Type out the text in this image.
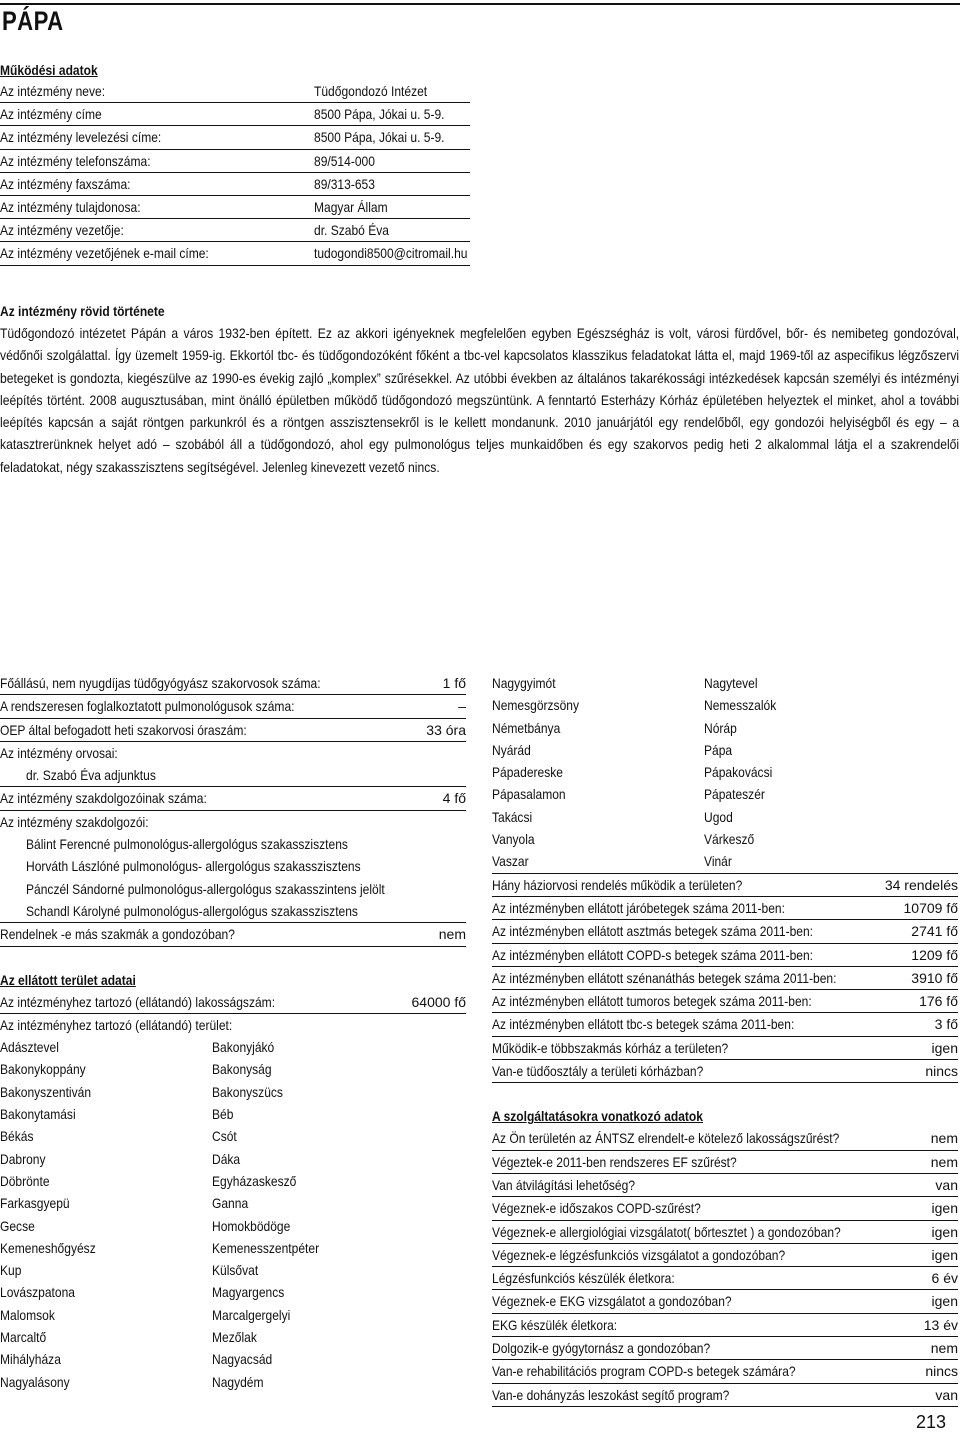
PÁPA
Működési adatok
Az intézmény neve:	Tüdőgondozó Intézet
Az intézmény címe	8500 Pápa, Jókai u. 5-9.
Az intézmény levelezési címe:	8500 Pápa, Jókai u. 5-9.
Az intézmény telefonszáma:	89/514-000
Az intézmény faxszáma:	89/313-653
Az intézmény tulajdonosa:	Magyar Állam
Az intézmény vezetője:	dr. Szabó Éva
Az intézmény vezetőjének e-mail címe:	tudogondi8500@citromail.hu
Az intézmény rövid története
Tüdőgondozó intézetet Pápán a város 1932-ben épített. Ez az akkori igényeknek megfelelően egyben Egészségház is volt, városi fürdővel, bőr- és nemibeteg gondozóval, védőnői szolgálattal. Így üzemelt 1959-ig. Ekkortól tbc- és tüdőgondozóként főként a tbc-vel kapcsolatos klasszikus feladatokat látta el, majd 1969-től az aspecifikus légzőszervi betegeket is gondozta, kiegészülve az 1990-es évekig zajló „komplex” szűrésekkel. Az utóbbi években az általános takarékossági intézkedések kapcsán személyi és intézményi leépítés történt. 2008 augusztusában, mint önálló épületben működő tüdőgondozó megszüntünk. A fenntartó Esterházy Kórház épületében helyeztek el minket, ahol a további leépítés kapcsán a saját röntgen parkunkról és a röntgen asszisztensekről is le kellett mondanunk. 2010 januárjától egy rendelőből, egy gondozói helyiségből és egy – a katasztrerünknek helyet adó – szobából áll a tüdőgondozó, ahol egy pulmonológus teljes munkaidőben és egy szakorvos pedig heti 2 alkalommal látja el a szakrendelői feladatokat, négy szakasszisztens segítségével. Jelenleg kinevezett vezető nincs.
Főállású, nem nyugdíjas tüdőgyógyász szakorvosok száma:	1 fő
A rendszeresen foglalkoztatott pulmonológusok száma:	–
OEP által befogadott heti szakorvosi óraszám:	33 óra
Az intézmény orvosai:
dr. Szabó Éva adjunktus
Az intézmény szakdolgozóinak száma:	4 fő
Az intézmény szakdolgozói:
Bálint Ferencné pulmonológus-allergológus szakasszisztens
Horváth Lászlóné pulmonológus- allergológus szakasszisztens
Pánczél Sándorné pulmonológus-allergológus szakasszintens jelölt
Schandl Károlyné pulmonológus-allergológus szakasszisztens
Rendelnek -e más szakmák a gondozóban?	nem
Az ellátott terület adatai
Az intézményhez tartozó (ellátandó) lakosságszám:	64000 fő
Az intézményhez tartozó (ellátandó) terület:
Adásztevel	Bakonyjákó
Bakonykoppány	Bakonyság
Bakonyszentiván	Bakonyszücs
Bakonytamási	Béb
Békás	Csót
Dabrony	Dáka
Döbrönte	Egyházaskesző
Farkasgyepü	Ganna
Gecse	Homokbödöge
Kemeneshőgyész	Kemenesszentpéter
Kup	Külsővat
Lovászpatona	Magyargencs
Malomsok	Marcalgergelyi
Marcaltő	Mezőlak
Mihályháza	Nagyacsád
Nagyalásony	Nagydém
Nagygyimót	Nagytevel
Nemesgörzsöny	Nemesszalók
Németbánya	Nóráp
Nyárád	Pápa
Pápadereske	Pápakovácsi
Pápasalamon	Pápateszér
Takácsi	Ugod
Vanyola	Várkesző
Vaszar	Vinár
Hány háziorvosi rendelés működik a területen?	34 rendelés
Az intézményben ellátott járóbetegek száma 2011-ben:	10709 fő
Az intézményben ellátott asztmás betegek száma 2011-ben:	2741 fő
Az intézményben ellátott COPD-s betegek száma 2011-ben:	1209 fő
Az intézményben ellátott szénanáthás betegek száma 2011-ben:	3910 fő
Az intézményben ellátott tumoros betegek száma 2011-ben:	176 fő
Az intézményben ellátott tbc-s betegek száma 2011-ben:	3 fő
Működik-e többszakmás kórház a területen?	igen
Van-e tüdőosztály a területi kórházban?	nincs
A szolgáltatásokra vonatkozó adatok
Az Ön területén az ÁNTSZ elrendelt-e kötelező lakosságszűrést?	nem
Végeztek-e 2011-ben rendszeres EF szűrést?	nem
Van átvilágítási lehetőség?	van
Végeznek-e időszakos COPD-szűrést?	igen
Végeznek-e allergiológiai vizsgálatot( bőrtesztet ) a gondozóban?	igen
Végeznek-e légzésfunkciós vizsgálatot a gondozóban?	igen
Légzésfunkciós készülék életkora:	6 év
Végeznek-e EKG vizsgálatot a gondozóban?	igen
EKG készülék életkora:	13 év
Dolgozik-e gyógytornász a gondozóban?	nem
Van-e rehabilitációs program COPD-s betegek számára?	nincs
Van-e dohányzás leszokást segítő program?	van
213
